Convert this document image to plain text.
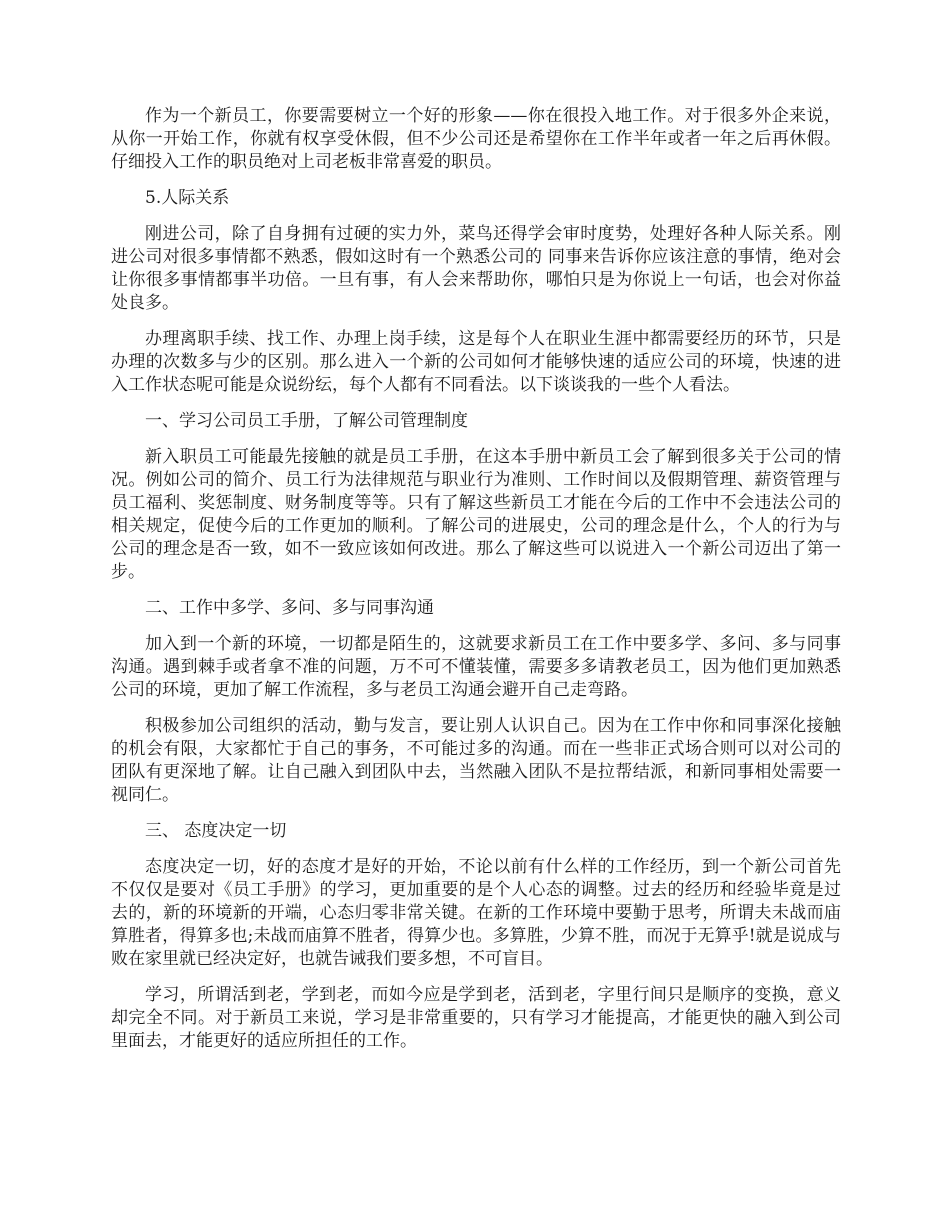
作为一个新员工，你要需要树立一个好的形象——你在很投入地工作。对于很多外企来说，从你一开始工作，你就有权享受休假，但不少公司还是希望你在工作半年或者一年之后再休假。仔细投入工作的职员绝对上司老板非常喜爱的职员。

5.人际关系

刚进公司，除了自身拥有过硬的实力外，菜鸟还得学会审时度势，处理好各种人际关系。刚进公司对很多事情都不熟悉，假如这时有一个熟悉公司的 同事来告诉你应该注意的事情，绝对会让你很多事情都事半功倍。一旦有事，有人会来帮助你，哪怕只是为你说上一句话，也会对你益处良多。

办理离职手续、找工作、办理上岗手续，这是每个人在职业生涯中都需要经历的环节，只是办理的次数多与少的区别。那么进入一个新的公司如何才能够快速的适应公司的环境，快速的进入工作状态呢可能是众说纷纭，每个人都有不同看法。以下谈谈我的一些个人看法。

一、学习公司员工手册，了解公司管理制度

新入职员工可能最先接触的就是员工手册，在这本手册中新员工会了解到很多关于公司的情况。例如公司的简介、员工行为法律规范与职业行为准则、工作时间以及假期管理、薪资管理与员工福利、奖惩制度、财务制度等等。只有了解这些新员工才能在今后的工作中不会违法公司的相关规定，促使今后的工作更加的顺利。了解公司的进展史，公司的理念是什么，个人的行为与公司的理念是否一致，如不一致应该如何改进。那么了解这些可以说进入一个新公司迈出了第一步。

二、工作中多学、多问、多与同事沟通

加入到一个新的环境，一切都是陌生的，这就要求新员工在工作中要多学、多问、多与同事沟通。遇到棘手或者拿不准的问题，万不可不懂装懂，需要多多请教老员工，因为他们更加熟悉公司的环境，更加了解工作流程，多与老员工沟通会避开自己走弯路。

积极参加公司组织的活动，勤与发言，要让别人认识自己。因为在工作中你和同事深化接触的机会有限，大家都忙于自己的事务，不可能过多的沟通。而在一些非正式场合则可以对公司的团队有更深地了解。让自己融入到团队中去，当然融入团队不是拉帮结派，和新同事相处需要一视同仁。

三、 态度决定一切

态度决定一切，好的态度才是好的开始，不论以前有什么样的工作经历，到一个新公司首先不仅仅是要对《员工手册》的学习，更加重要的是个人心态的调整。过去的经历和经验毕竟是过去的，新的环境新的开端，心态归零非常关键。在新的工作环境中要勤于思考，所谓夫未战而庙算胜者，得算多也;未战而庙算不胜者，得算少也。多算胜，少算不胜，而况于无算乎!就是说成与败在家里就已经决定好，也就告诫我们要多想，不可盲目。

学习，所谓活到老，学到老，而如今应是学到老，活到老，字里行间只是顺序的变换，意义却完全不同。对于新员工来说，学习是非常重要的，只有学习才能提高，才能更快的融入到公司里面去，才能更好的适应所担任的工作。
